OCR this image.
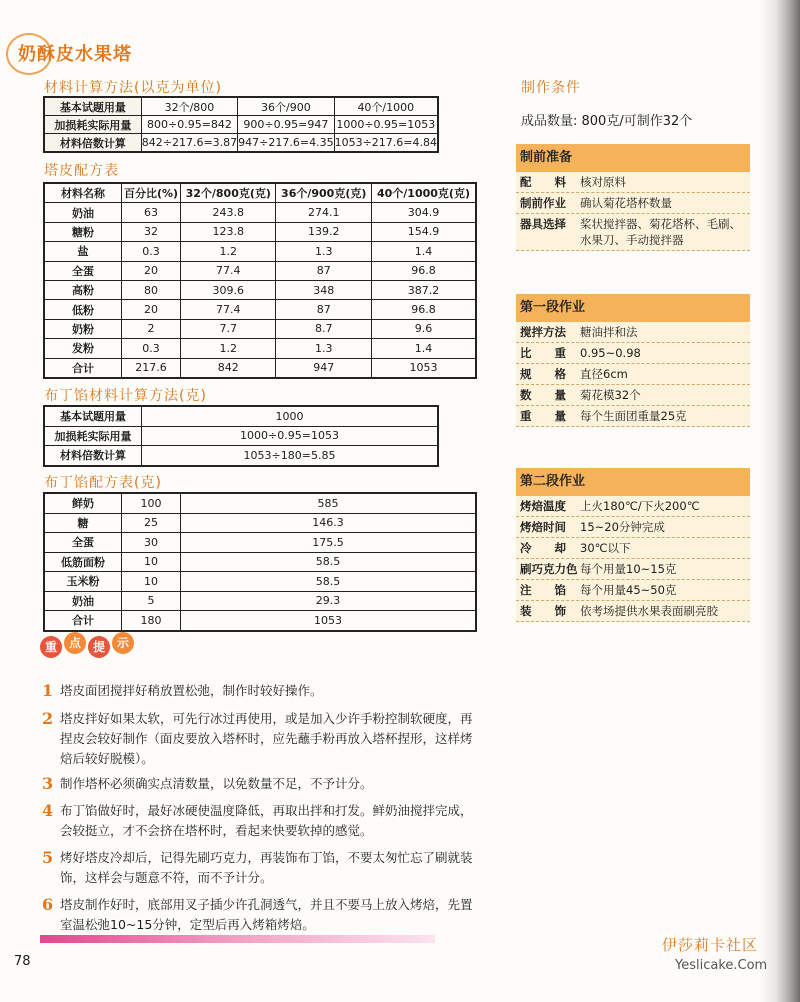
奶酥皮水果塔
材料计算方法(以克为单位)
基本试题用量	32个/800	36个/900	40个/1000
加损耗实际用量	800÷0.95=842	900÷0.95=947	1000÷0.95=1053
材料倍数计算	842÷217.6=3.87	947÷217.6=4.35	1053÷217.6=4.84
塔皮配方表
材料名称	百分比(%)	32个/800克(克)	36个/900克(克)	40个/1000克(克)
奶油	63	243.8	274.1	304.9
糖粉	32	123.8	139.2	154.9
盐	0.3	1.2	1.3	1.4
全蛋	20	77.4	87	96.8
高粉	80	309.6	348	387.2
低粉	20	77.4	87	96.8
奶粉	2	7.7	8.7	9.6
发粉	0.3	1.2	1.3	1.4
合计	217.6	842	947	1053
布丁馅材料计算方法(克)
基本试题用量	1000
加损耗实际用量	1000÷0.95=1053
材料倍数计算	1053÷180=5.85
布丁馅配方表(克)
鲜奶	100	585
糖	25	146.3
全蛋	30	175.5
低筋面粉	10	58.5
玉米粉	10	58.5
奶油	5	29.3
合计	180	1053
制作条件
成品数量: 800克/可制作32个
制前准备
配　　料	核对原料
制前作业	确认菊花塔杯数量
器具选择	桨状搅拌器、菊花塔杯、毛刷、水果刀、手动搅拌器
第一段作业
搅拌方法	糖油拌和法
比　　重	0.95~0.98
规　　格	直径6cm
数　　量	菊花模32个
重　　量	每个生面团重量25克
第二段作业
烤焙温度	上火180℃/下火200℃
烤焙时间	15~20分钟完成
冷　　却	30℃以下
刷巧克力色 每个用量10~15克
注　　馅	每个用量45~50克
装　　饰	依考场提供水果表面刷亮胶
重 点 提 示
1 塔皮面团搅拌好稍放置松弛，制作时较好操作。
2 塔皮拌好如果太软，可先行冰过再使用，或是加入少许手粉控制软硬度，再捏皮会较好制作（面皮要放入塔杯时，应先蘸手粉再放入塔杯捏形，这样烤焙后较好脱模）。
3 制作塔杯必须确实点清数量，以免数量不足，不予计分。
4 布丁馅做好时，最好冰硬使温度降低，再取出拌和打发。鲜奶油搅拌完成，会较挺立，才不会挤在塔杯时，看起来快要软掉的感觉。
5 烤好塔皮冷却后，记得先刷巧克力，再装饰布丁馅，不要太匆忙忘了刷就装饰，这样会与题意不符，而不予计分。
6 塔皮制作好时，底部用叉子插少许孔洞透气，并且不要马上放入烤焙，先置室温松弛10~15分钟，定型后再入烤箱烤焙。
78
伊莎莉卡社区
Yeslicake.Com
